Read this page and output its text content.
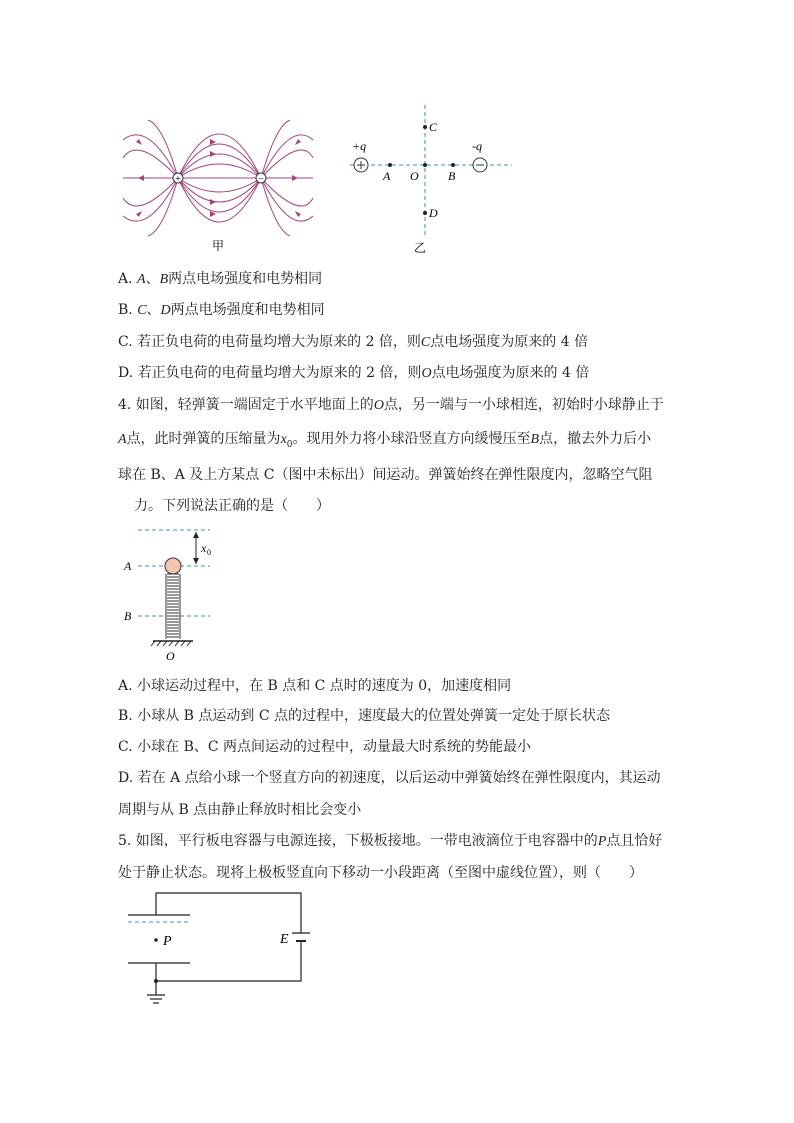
+	−
甲
+q	-q
C
A O B
D
乙
A. A、B两点电场强度和电势相同
B. C、D两点电场强度和电势相同
C. 若正负电荷的电荷量均增大为原来的 2 倍，则C点电场强度为原来的 4 倍
D. 若正负电荷的电荷量均增大为原来的 2 倍，则O点电场强度为原来的 4 倍
4. 如图，轻弹簧一端固定于水平地面上的O点，另一端与一小球相连，初始时小球静止于
A点，此时弹簧的压缩量为$x_0$。现用外力将小球沿竖直方向缓慢压至B点，撤去外力后小
球在 B、A 及上方某点 C（图中未标出）间运动。弹簧始终在弹性限度内，忽略空气阻
力。下列说法正确的是（　　）
A
B
O
x 0
A. 小球运动过程中，在 B 点和 C 点时的速度为 0，加速度相同
B. 小球从 B 点运动到 C 点的过程中，速度最大的位置处弹簧一定处于原长状态
C. 小球在 B、C 两点间运动的过程中，动量最大时系统的势能最小
D. 若在 A 点给小球一个竖直方向的初速度，以后运动中弹簧始终在弹性限度内，其运动
周期与从 B 点由静止释放时相比会变小
5. 如图，平行板电容器与电源连接，下极板接地。一带电液滴位于电容器中的P点且恰好
处于静止状态。现将上极板竖直向下移动一小段距离（至图中虚线位置），则（　　）
P	E
